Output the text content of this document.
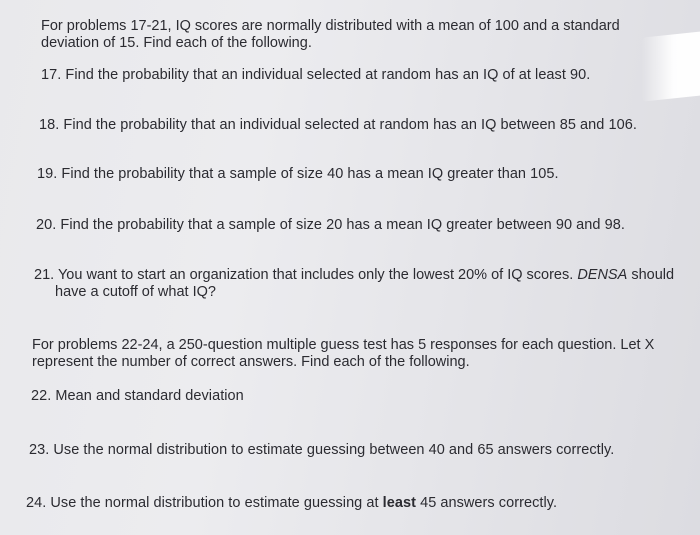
For problems 17-21, IQ scores are normally distributed with a mean of 100 and a standard
deviation of 15. Find each of the following.
17. Find the probability that an individual selected at random has an IQ of at least 90.
18. Find the probability that an individual selected at random has an IQ between 85 and 106.
19. Find the probability that a sample of size 40 has a mean IQ greater than 105.
20. Find the probability that a sample of size 20 has a mean IQ greater between 90 and 98.
21. You want to start an organization that includes only the lowest 20% of IQ scores. DENSA should have a cutoff of what IQ?
For problems 22-24, a 250-question multiple guess test has 5 responses for each question. Let X
represent the number of correct answers. Find each of the following.
22. Mean and standard deviation
23. Use the normal distribution to estimate guessing between 40 and 65 answers correctly.
24. Use the normal distribution to estimate guessing at least 45 answers correctly.
